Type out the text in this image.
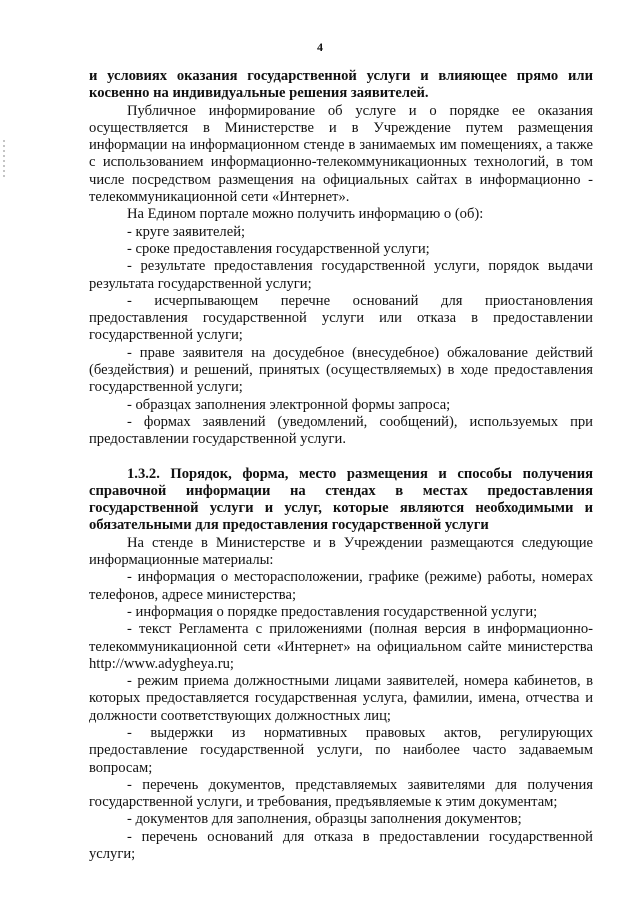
4

и условиях оказания государственной услуги и влияющее прямо или косвенно на индивидуальные решения заявителей.

Публичное информирование об услуге и о порядке ее оказания осуществляется в Министерстве и в Учреждение путем размещения информации на информационном стенде в занимаемых им помещениях, а также с использованием информационно-телекоммуникационных технологий, в том числе посредством размещения на официальных сайтах в информационно - телекоммуникационной сети «Интернет».

На Едином портале можно получить информацию о (об):

- круге заявителей;

- сроке предоставления государственной услуги;

- результате предоставления государственной услуги, порядок выдачи результата государственной услуги;

- исчерпывающем перечне оснований для приостановления предоставления государственной услуги или отказа в предоставлении государственной услуги;

- праве заявителя на досудебное (внесудебное) обжалование действий (бездействия) и решений, принятых (осуществляемых) в ходе предоставления государственной услуги;

- образцах заполнения электронной формы запроса;

- формах заявлений (уведомлений, сообщений), используемых при предоставлении государственной услуги.

1.3.2. Порядок, форма, место размещения и способы получения справочной информации на стендах в местах предоставления государственной услуги и услуг, которые являются необходимыми и обязательными для предоставления государственной услуги

На стенде в Министерстве и в Учреждении размещаются следующие информационные материалы:

- информация о месторасположении, графике (режиме) работы, номерах телефонов, адресе министерства;

- информация о порядке предоставления государственной услуги;

- текст Регламента с приложениями (полная версия в информационно-телекоммуникационной сети «Интернет» на официальном сайте министерства http://www.adygheya.ru;

- режим приема должностными лицами заявителей, номера кабинетов, в которых предоставляется государственная услуга, фамилии, имена, отчества и должности соответствующих должностных лиц;

- выдержки из нормативных правовых актов, регулирующих предоставление государственной услуги, по наиболее часто задаваемым вопросам;

- перечень документов, представляемых заявителями для получения государственной услуги, и требования, предъявляемые к этим документам;

- документов для заполнения, образцы заполнения документов;

- перечень оснований для отказа в предоставлении государственной услуги;
